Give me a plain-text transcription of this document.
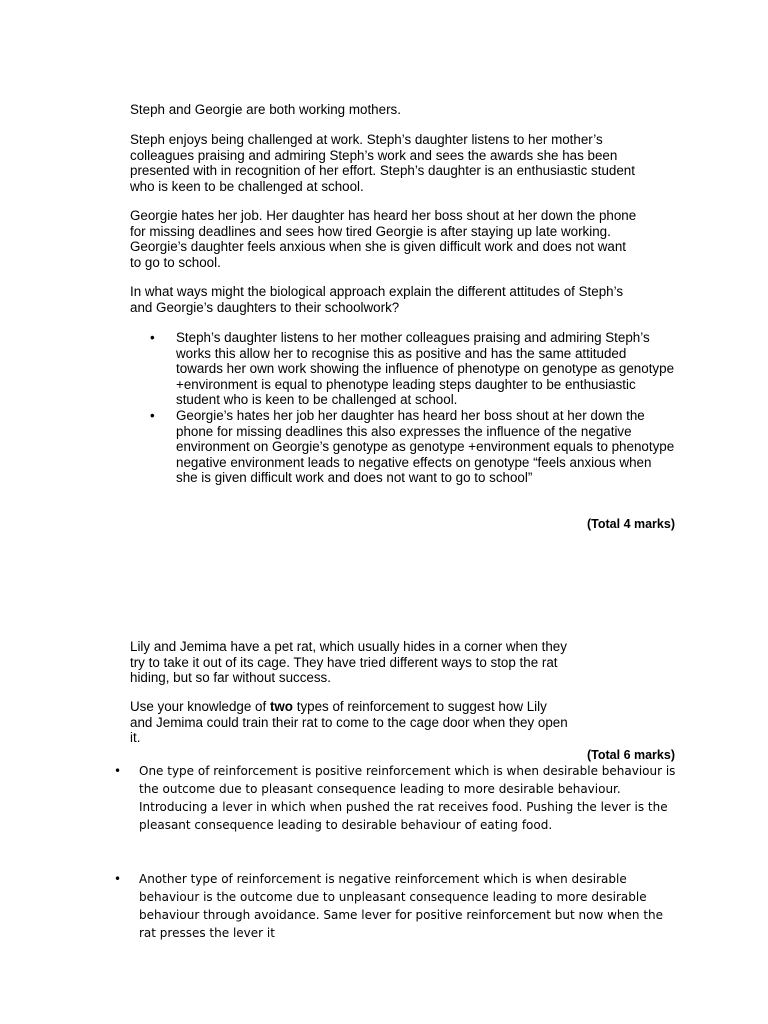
Steph and Georgie are both working mothers.

Steph enjoys being challenged at work. Steph’s daughter listens to her mother’s colleagues praising and admiring Steph’s work and sees the awards she has been presented with in recognition of her effort. Steph’s daughter is an enthusiastic student who is keen to be challenged at school.

Georgie hates her job. Her daughter has heard her boss shout at her down the phone for missing deadlines and sees how tired Georgie is after staying up late working. Georgie’s daughter feels anxious when she is given difficult work and does not want to go to school.

In what ways might the biological approach explain the different attitudes of Steph’s and Georgie’s daughters to their schoolwork?

• Steph’s daughter listens to her mother colleagues praising and admiring Steph’s works this allow her to recognise this as positive and has the same attituded towards her own work showing the influence of phenotype on genotype as genotype +environment is equal to phenotype leading steps daughter to be enthusiastic student who is keen to be challenged at school.
• Georgie’s hates her job her daughter has heard her boss shout at her down the phone for missing deadlines this also expresses the influence of the negative environment on Georgie’s genotype as genotype +environment equals to phenotype negative environment leads to negative effects on genotype “feels anxious when she is given difficult work and does not want to go to school”
(Total 4 marks)

Lily and Jemima have a pet rat, which usually hides in a corner when they try to take it out of its cage. They have tried different ways to stop the rat hiding, but so far without success.

Use your knowledge of two types of reinforcement to suggest how Lily and Jemima could train their rat to come to the cage door when they open it.

(Total 6 marks)
• One type of reinforcement is positive reinforcement which is when desirable behaviour is the outcome due to pleasant consequence leading to more desirable behaviour. Introducing a lever in which when pushed the rat receives food. Pushing the lever is the pleasant consequence leading to desirable behaviour of eating food.
• Another type of reinforcement is negative reinforcement which is when desirable behaviour is the outcome due to unpleasant consequence leading to more desirable behaviour through avoidance. Same lever for positive reinforcement but now when the rat presses the lever it
